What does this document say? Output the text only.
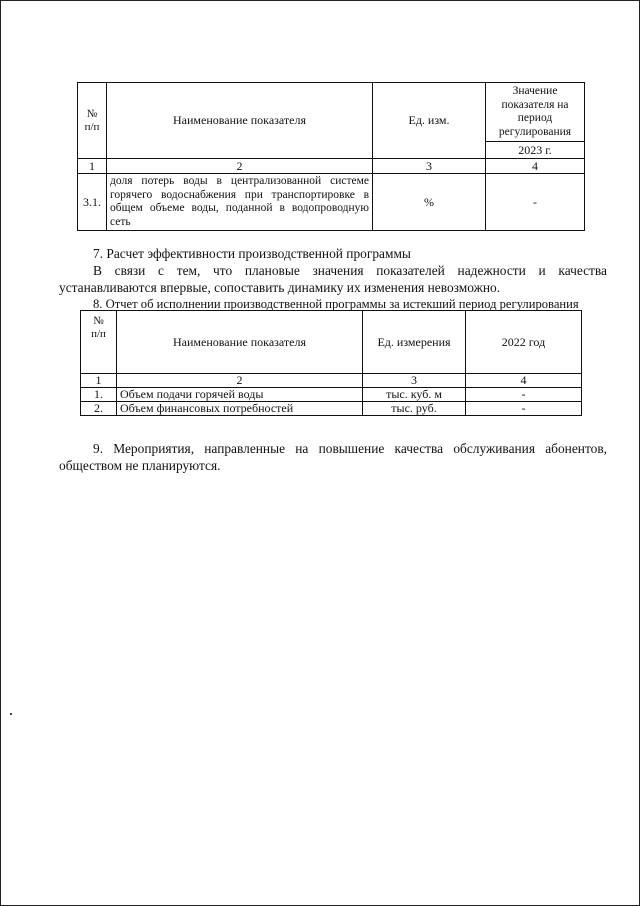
№
п/п	Наименование показателя	Ед. изм.	Значение показателя на период регулирования
			2023 г.
1	2	3	4
3.1.	доля потерь воды в централизованной системе горячего водоснабжения при транспортировке в общем объеме воды, поданной в водопроводную сеть	%	-
7. Расчет эффективности производственной программы
В связи с тем, что плановые значения показателей надежности и качества устанавливаются впервые, сопоставить динамику их изменения невозможно.
8. Отчет об исполнении производственной программы за истекший период регулирования
№
п/п	Наименование показателя	Ед. измерения	2022 год
1	2	3	4
1.	Объем подачи горячей воды	тыс. куб. м	-
2.	Объем финансовых потребностей	тыс. руб.	-
9. Мероприятия, направленные на повышение качества обслуживания абонентов, обществом не планируются.
